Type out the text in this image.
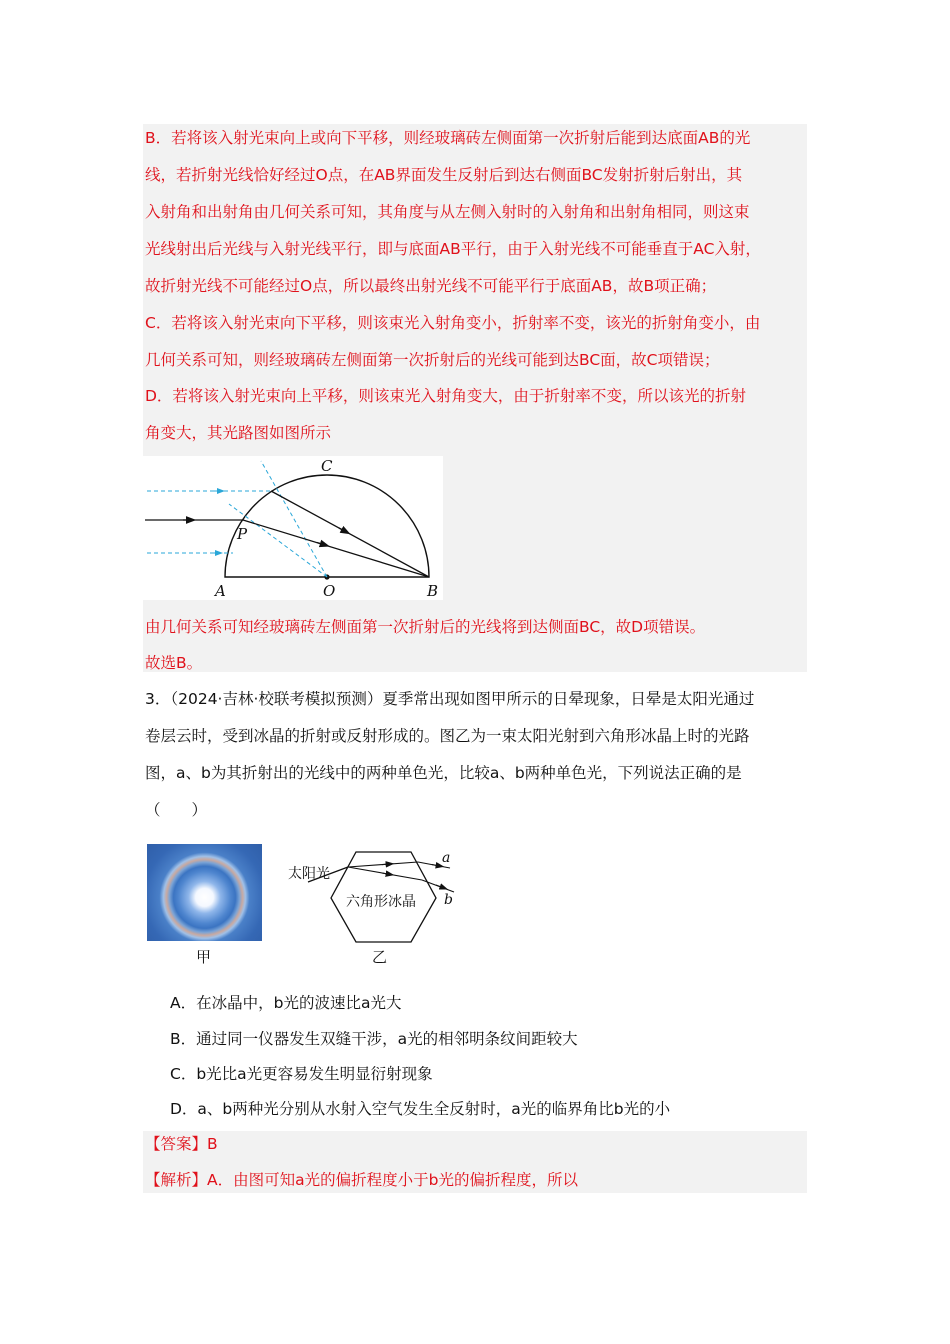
B．若将该入射光束向上或向下平移，则经玻璃砖左侧面第一次折射后能到达底面AB的光
线，若折射光线恰好经过O点，在AB界面发生反射后到达右侧面BC发射折射后射出，其
入射角和出射角由几何关系可知，其角度与从左侧入射时的入射角和出射角相同，则这束
光线射出后光线与入射光线平行，即与底面AB平行，由于入射光线不可能垂直于AC入射，
故折射光线不可能经过O点，所以最终出射光线不可能平行于底面AB，故B项正确；
C．若将该入射光束向下平移，则该束光入射角变小，折射率不变，该光的折射角变小，由
几何关系可知，则经玻璃砖左侧面第一次折射后的光线可能到达BC面，故C项错误；
D．若将该入射光束向上平移，则该束光入射角变大，由于折射率不变，所以该光的折射
角变大，其光路图如图所示
C
P
A	O	B
由几何关系可知经玻璃砖左侧面第一次折射后的光线将到达侧面BC，故D项错误。
故选B。
3．（2024·吉林·校联考模拟预测）夏季常出现如图甲所示的日晕现象，日晕是太阳光通过
卷层云时，受到冰晶的折射或反射形成的。图乙为一束太阳光射到六角形冰晶上时的光路
图，a、b为其折射出的光线中的两种单色光，比较a、b两种单色光，下列说法正确的是
（　　）
甲
太阳光
六角形冰晶
a
b
乙
A．在冰晶中，b光的波速比a光大
B．通过同一仪器发生双缝干涉，a光的相邻明条纹间距较大
C．b光比a光更容易发生明显衍射现象
D．a、b两种光分别从水射入空气发生全反射时，a光的临界角比b光的小
【答案】B
【解析】A．由图可知a光的偏折程度小于b光的偏折程度，所以
